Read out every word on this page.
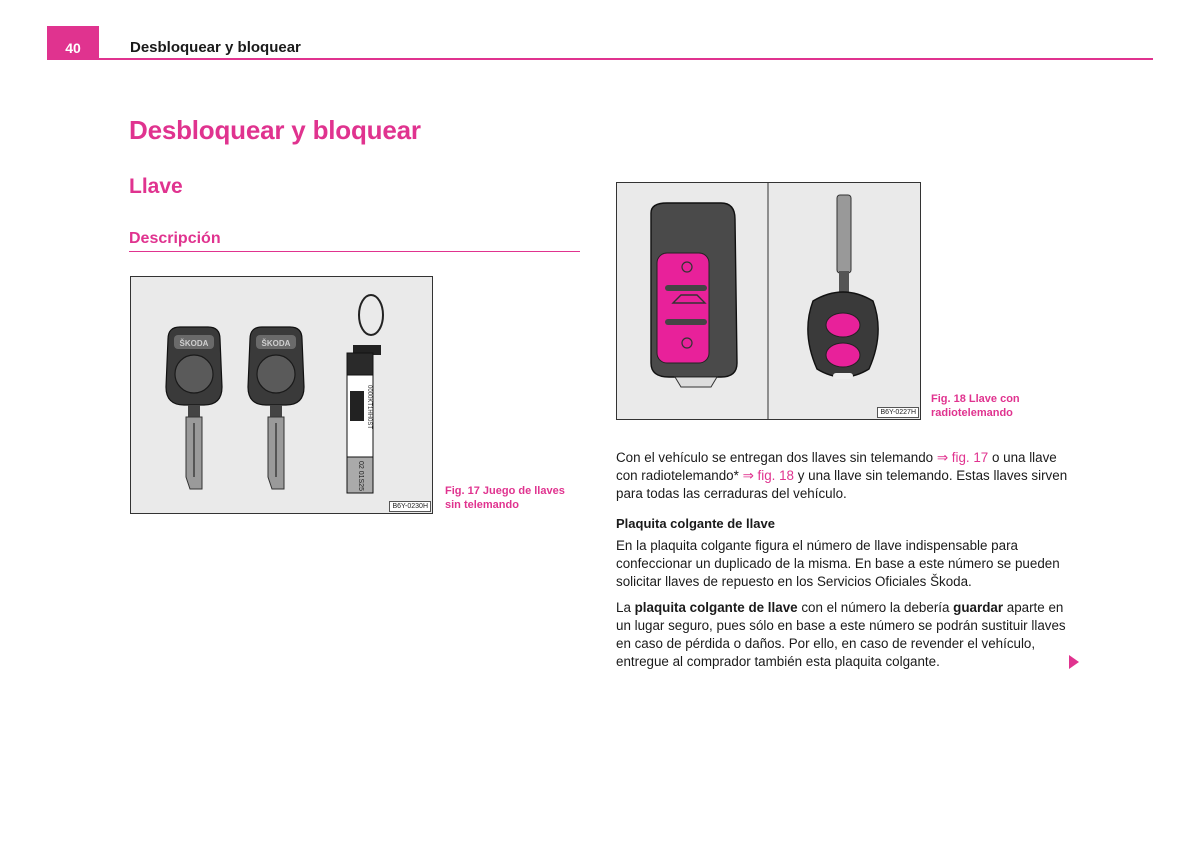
40	Desbloquear y bloquear
Desbloquear y bloquear
Llave
Descripción
ŠKODA	ŠKODA
0000KT1HH0ST
02 01S25
B6Y-0230H
Fig. 17 Juego de llaves sin telemando
B6Y-0227H
Fig. 18 Llave con radiotelemando
Con el vehículo se entregan dos llaves sin telemando ⇒ fig. 17 o una llave con radiotelemando* ⇒ fig. 18 y una llave sin telemando. Estas llaves sirven para todas las cerraduras del vehículo.
Plaquita colgante de llave
En la plaquita colgante figura el número de llave indispensable para confeccionar un duplicado de la misma. En base a este número se pueden solicitar llaves de repuesto en los Servicios Oficiales Škoda.
La plaquita colgante de llave con el número la debería guardar aparte en un lugar seguro, pues sólo en base a este número se podrán sustituir llaves en caso de pérdida o daños. Por ello, en caso de revender el vehículo, entregue al comprador también esta plaquita colgante.
